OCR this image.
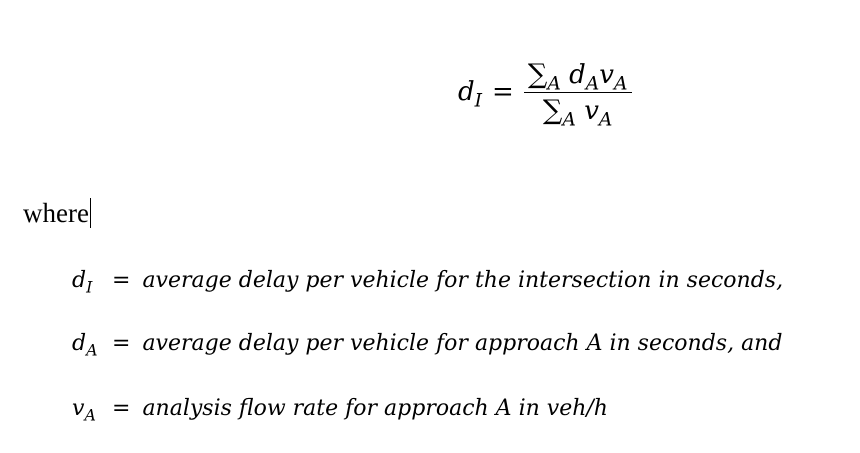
$d_I = \frac{\sum_A d_Av_A}{\sum_A v_A}$
where
$d_I$ = average delay per vehicle for the intersection in seconds,
$d_A$ = average delay per vehicle for approach A in seconds, and
$v_A$ = analysis flow rate for approach A in veh/h
